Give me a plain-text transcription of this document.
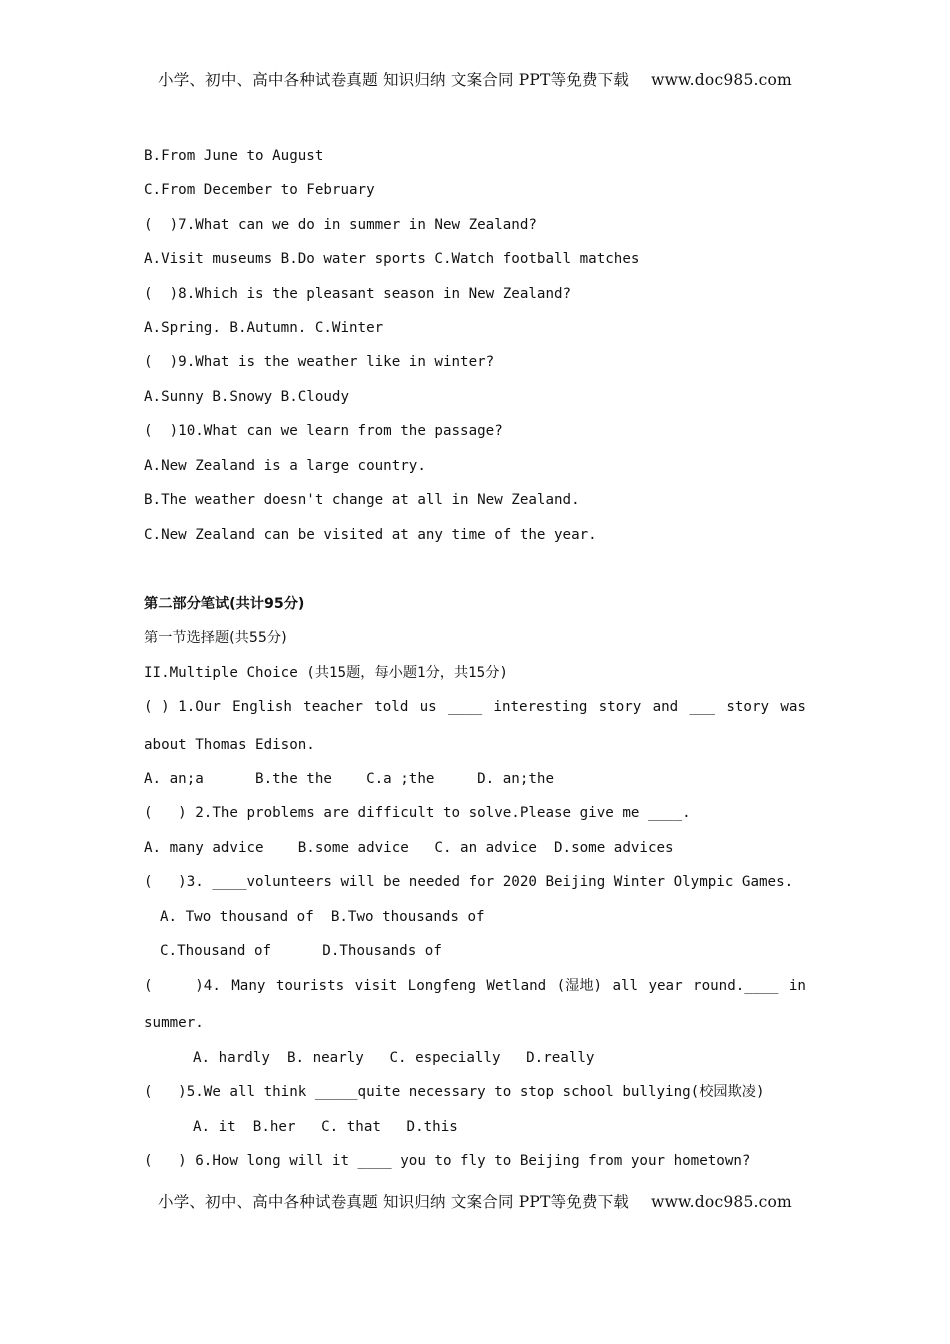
小学、初中、高中各种试卷真题 知识归纳 文案合同 PPT等免费下载 www.doc985.com
B.From June to August
C.From December to February
(  )7.What can we do in summer in New Zealand?
A.Visit museums B.Do water sports C.Watch football matches
(  )8.Which is the pleasant season in New Zealand?
A.Spring. B.Autumn. C.Winter
(  )9.What is the weather like in winter?
A.Sunny B.Snowy B.Cloudy
(  )10.What can we learn from the passage?
A.New Zealand is a large country.
B.The weather doesn't change at all in New Zealand.
C.New Zealand can be visited at any time of the year.
第二部分笔试(共计95分)
第一节选择题(共55分)
II.Multiple Choice (共15题，每小题1分，共15分)
( ) 1.Our English teacher told us ____ interesting story and ___ story was
about Thomas Edison.
A. an;a      B.the the    C.a ;the     D. an;the
(   ) 2.The problems are difficult to solve.Please give me ____.
A. many advice    B.some advice   C. an advice  D.some advices
(   )3. ____volunteers will be needed for 2020 Beijing Winter Olympic Games.
A. Two thousand of  B.Two thousands of
C.Thousand of      D.Thousands of
(     )4. Many tourists visit Longfeng Wetland (湿地) all year round.____ in
summer.
A. hardly  B. nearly   C. especially   D.really
(   )5.We all think _____quite necessary to stop school bullying(校园欺凌)
A. it  B.her   C. that   D.this
(   ) 6.How long will it ____ you to fly to Beijing from your hometown?
小学、初中、高中各种试卷真题 知识归纳 文案合同 PPT等免费下载 www.doc985.com
